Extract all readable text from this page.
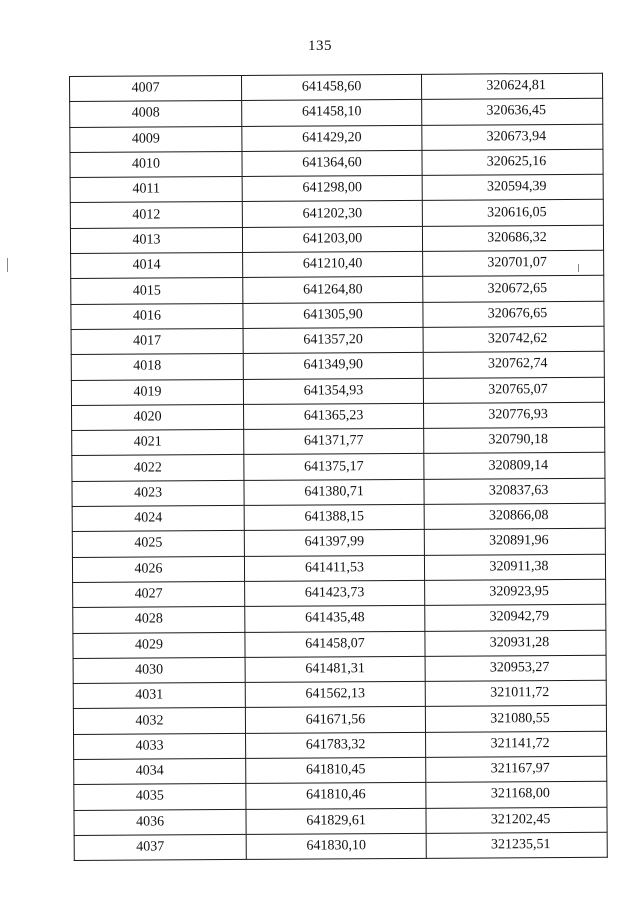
135
4007	641458,60	320624,81
4008	641458,10	320636,45
4009	641429,20	320673,94
4010	641364,60	320625,16
4011	641298,00	320594,39
4012	641202,30	320616,05
4013	641203,00	320686,32
4014	641210,40	320701,07
4015	641264,80	320672,65
4016	641305,90	320676,65
4017	641357,20	320742,62
4018	641349,90	320762,74
4019	641354,93	320765,07
4020	641365,23	320776,93
4021	641371,77	320790,18
4022	641375,17	320809,14
4023	641380,71	320837,63
4024	641388,15	320866,08
4025	641397,99	320891,96
4026	641411,53	320911,38
4027	641423,73	320923,95
4028	641435,48	320942,79
4029	641458,07	320931,28
4030	641481,31	320953,27
4031	641562,13	321011,72
4032	641671,56	321080,55
4033	641783,32	321141,72
4034	641810,45	321167,97
4035	641810,46	321168,00
4036	641829,61	321202,45
4037	641830,10	321235,51
